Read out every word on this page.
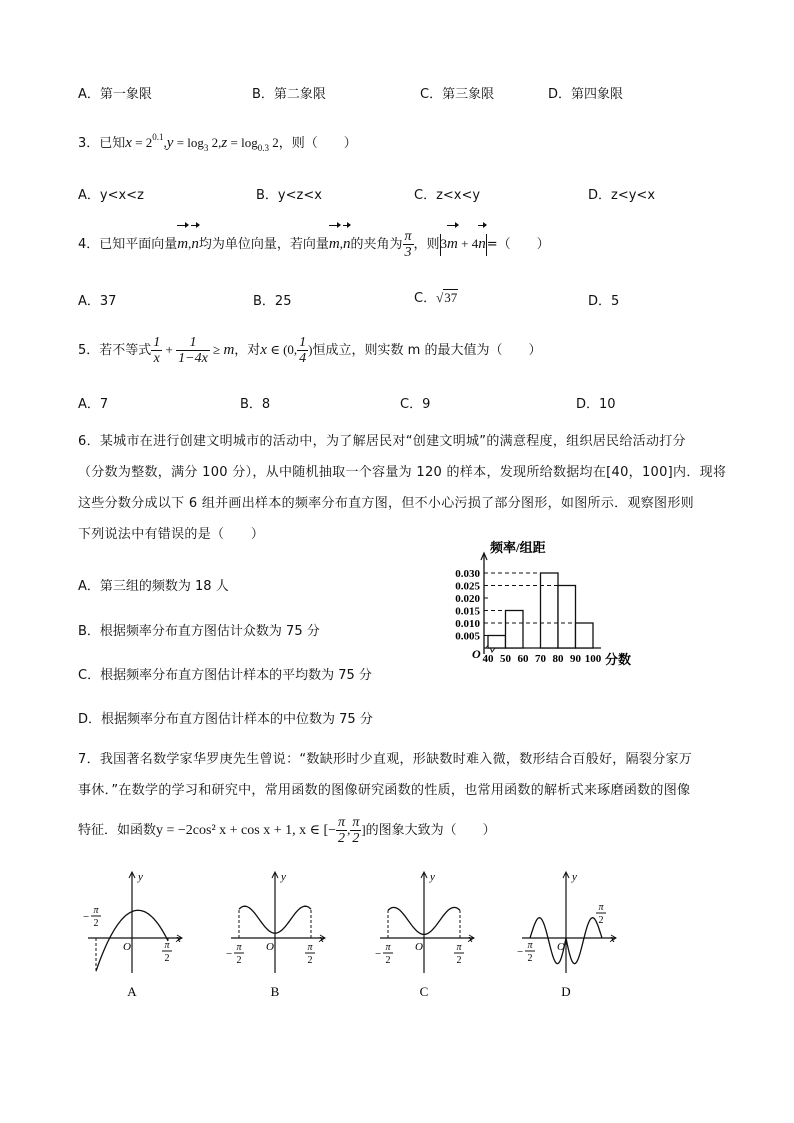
A．第一象限	B．第二象限	C．第三象限	D．第四象限
3．已知$x = 2^{0.1},y = \log_3 2,z = \log_{0.3} 2$，则（　　）
A．y<x<z	B．y<z<x	C．z<x<y	D．z<y<x
4．已知平面向量m,n均为单位向量，若向量m,n的夹角为 $\frac{\pi}{3}$ ，则3m + 4n=（　　）
A．37	B．25	C．√37	D．5
5．若不等式 $\frac{1}{x} + \frac{1}{1-4x} \ge m$，对x ∈ (0, $\frac{1}{4}$ )恒成立，则实数 m 的最大值为（　　）
A．7	B．8	C．9	D．10
6．某城市在进行创建文明城市的活动中，为了解居民对“创建文明城”的满意程度，组织居民给活动打分
（分数为整数，满分 100 分），从中随机抽取一个容量为 120 的样本，发现所给数据均在[40，100]内．现将
这些分数分成以下 6 组并画出样本的频率分布直方图，但不小心污损了部分图形，如图所示．观察图形则
下列说法中有错误的是（　　）
A．第三组的频数为 18 人
B．根据频率分布直方图估计众数为 75 分
C．根据频率分布直方图估计样本的平均数为 75 分
D．根据频率分布直方图估计样本的中位数为 75 分
频率/组距
分数
O
0.005
0.010
0.015
0.020
0.025
0.030
40 50 60 70 80 90 100
7．我国著名数学家华罗庚先生曾说：“数缺形时少直观，形缺数时难入微，数形结合百般好，隔裂分家万
事休．”在数学的学习和研究中，常用函数的图像研究函数的性质，也常用函数的解析式来琢磨函数的图像
特征．如函数y = −2cos² x + cos x + 1, x ∈ [− $\frac{\pi}{2}$ , $\frac{\pi}{2}$ ]的图象大致为（　　）
y
x
O
−
π
2
π
2
A
y
x
O
−
π
2
π
2
B
y
x
O
−
π
2
π
2
C
y
x
O
−
π
2
π
2
D
